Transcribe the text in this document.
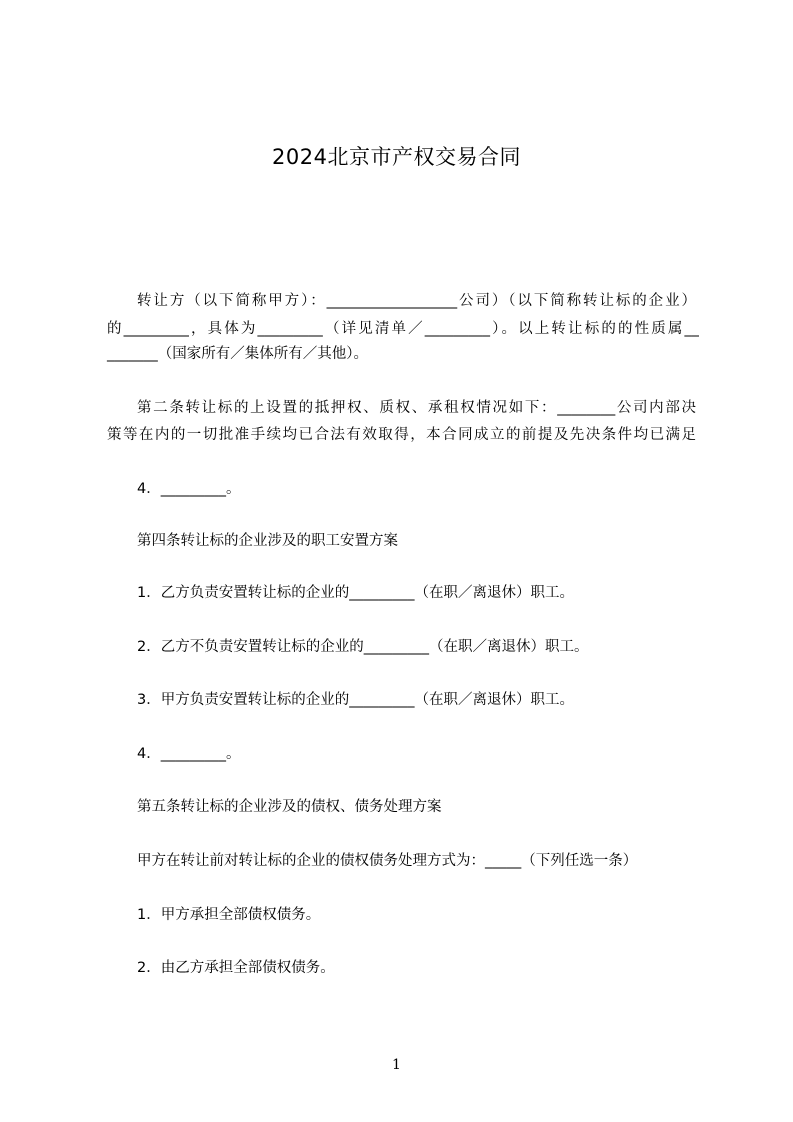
2024北京市产权交易合同
转让方（以下简称甲方）：__________________公司）（以下简称转让标的企业）
的_________，具体为_________（详见清单／_________）。以上转让标的的性质属__
_______（国家所有／集体所有／其他）。
第二条转让标的上设置的抵押权、质权、承租权情况如下：________公司内部决
策等在内的一切批准手续均已合法有效取得，本合同成立的前提及先决条件均已满足
4．_________。
第四条转让标的企业涉及的职工安置方案
1．乙方负责安置转让标的企业的_________（在职／离退休）职工。
2．乙方不负责安置转让标的企业的_________（在职／离退休）职工。
3．甲方负责安置转让标的企业的_________（在职／离退休）职工。
4．_________。
第五条转让标的企业涉及的债权、债务处理方案
甲方在转让前对转让标的企业的债权债务处理方式为：_____（下列任选一条）
1．甲方承担全部债权债务。
2．由乙方承担全部债权债务。
1
